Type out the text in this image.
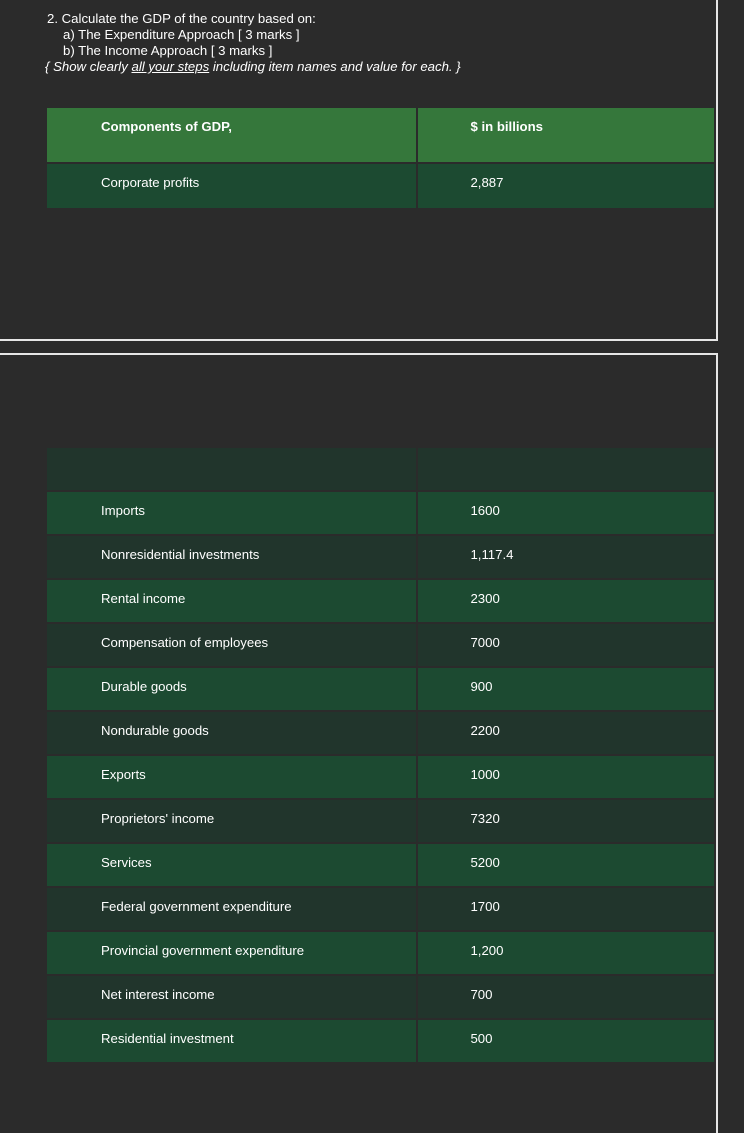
2. Calculate the GDP of the country based on:
a) The Expenditure Approach [ 3 marks ]
b) The Income Approach [ 3 marks ]
{ Show clearly all your steps including item names and value for each. }
Components of GDP,	$ in billions
Corporate profits	2,887

Imports	1600
Nonresidential investments	1,117.4
Rental income	2300
Compensation of employees	7000
Durable goods	900
Nondurable goods	2200
Exports	1000
Proprietors' income	7320
Services	5200
Federal government expenditure	1700
Provincial government expenditure	1,200
Net interest income	700
Residential investment	500
